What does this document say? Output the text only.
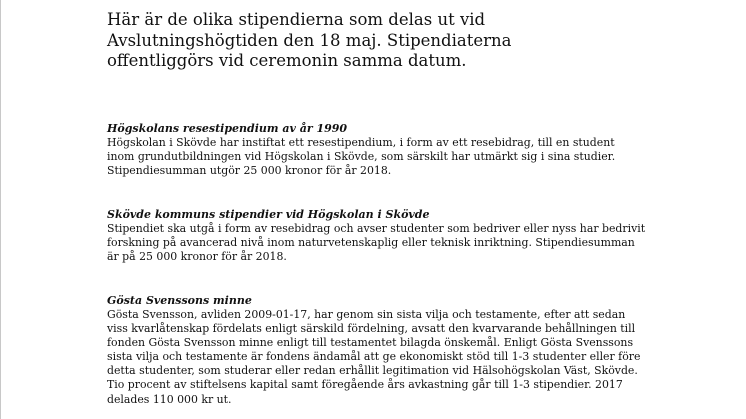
Här är de olika stipendierna som delas ut vid
Avslutningshögtiden den 18 maj. Stipendiaterna
offentliggörs vid ceremonin samma datum.
Högskolans resestipendium av år 1990

Högskolan i Skövde har instiftat ett resestipendium, i form av ett resebidrag, till en student
inom grundutbildningen vid Högskolan i Skövde, som särskilt har utmärkt sig i sina studier.
Stipendiesumman utgör 25 000 kronor för år 2018.

Skövde kommuns stipendier vid Högskolan i Skövde

Stipendiet ska utgå i form av resebidrag och avser studenter som bedriver eller nyss har bedrivit
forskning på avancerad nivå inom naturvetenskaplig eller teknisk inriktning. Stipendiesumman
är på 25 000 kronor för år 2018.

Gösta Svenssons minne

Gösta Svensson, avliden 2009-01-17, har genom sin sista vilja och testamente, efter att sedan
viss kvarlåtenskap fördelats enligt särskild fördelning, avsatt den kvarvarande behållningen till
fonden Gösta Svensson minne enligt till testamentet bilagda önskemål. Enligt Gösta Svenssons
sista vilja och testamente är fondens ändamål att ge ekonomiskt stöd till 1-3 studenter eller före
detta studenter, som studerar eller redan erhållit legitimation vid Hälsohögskolan Väst, Skövde.
Tio procent av stiftelsens kapital samt föregående års avkastning går till 1-3 stipendier. 2017
delades 110 000 kr ut.
